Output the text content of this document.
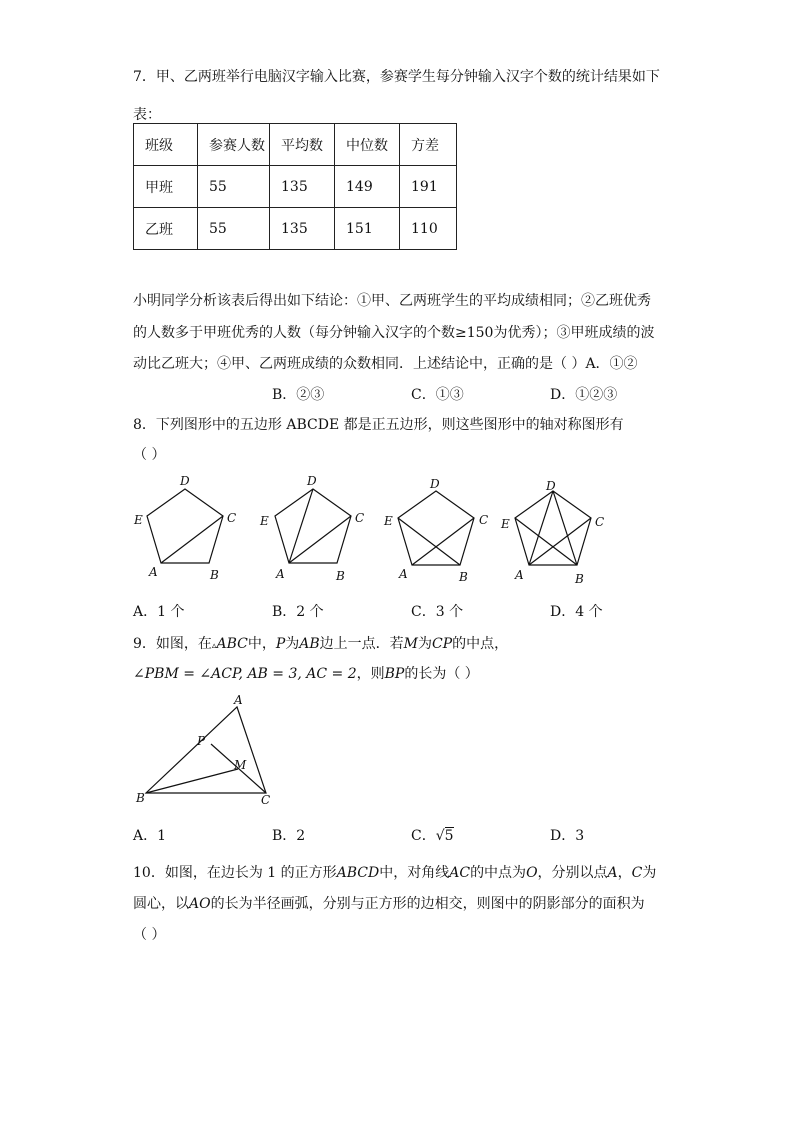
7．甲、乙两班举行电脑汉字输入比赛，参赛学生每分钟输入汉字个数的统计结果如下
表：
班级	参赛人数	平均数	中位数	方差
甲班	55	135	149	191
乙班	55	135	151	110
小明同学分析该表后得出如下结论：①甲、乙两班学生的平均成绩相同；②乙班优秀
的人数多于甲班优秀的人数（每分钟输入汉字的个数≥150为优秀）；③甲班成绩的波
动比乙班大；④甲、乙两班成绩的众数相同．上述结论中，正确的是（ ）A．①②
B．②③	C．①③	D．①②③
8．下列图形中的五边形 ABCDE 都是正五边形，则这些图形中的轴对称图形有
（ ）
D
C
E
A	B
D
C
E
A	B
D
C
E
A	B
D
C
E
A	B
A．1 个	B．2 个	C．3 个	D．4 个
9．如图，在▵ABC中，P为AB边上一点．若M为CP的中点，
∠PBM = ∠ACP, AB = 3, AC = 2，则BP的长为（ ）
A
P
M
B	C
A．1	B．2	C．√5	D．3
10．如图，在边长为 1 的正方形ABCD中，对角线AC的中点为O，分别以点A，C为
圆心，以AO的长为半径画弧，分别与正方形的边相交，则图中的阴影部分的面积为
（ ）
